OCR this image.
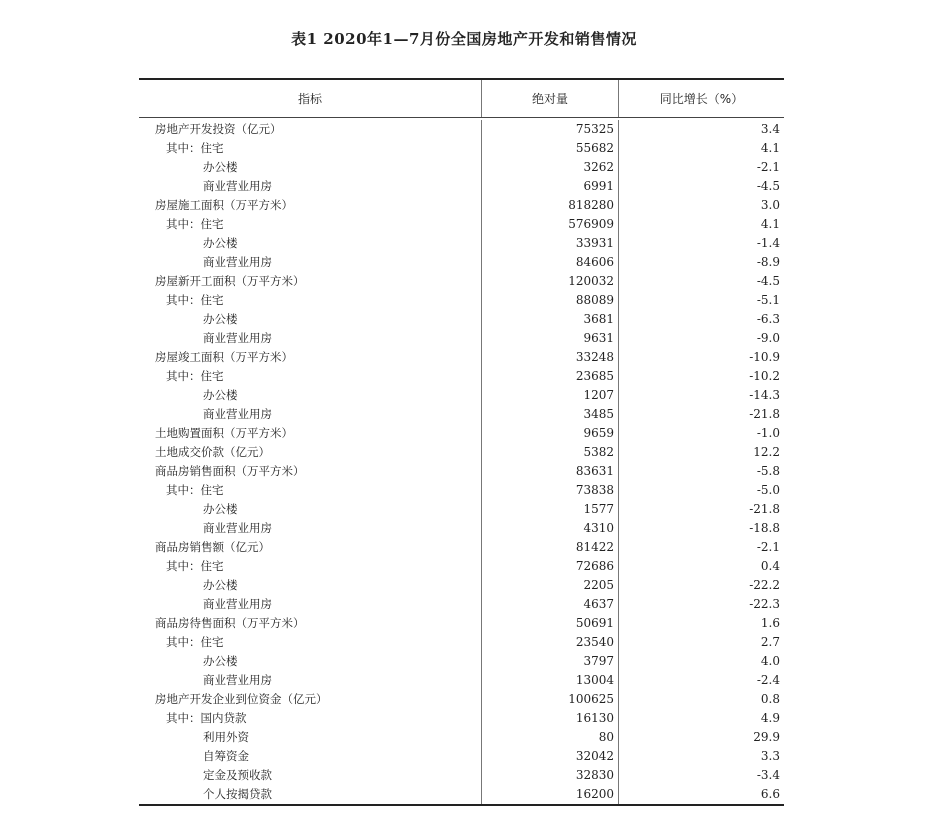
表1 2020年1—7月份全国房地产开发和销售情况
指标	绝对量	同比增长（%）
房地产开发投资（亿元）	75325	3.4
其中：住宅	55682	4.1
办公楼	3262	-2.1
商业营业用房	6991	-4.5
房屋施工面积（万平方米）	818280	3.0
其中：住宅	576909	4.1
办公楼	33931	-1.4
商业营业用房	84606	-8.9
房屋新开工面积（万平方米）	120032	-4.5
其中：住宅	88089	-5.1
办公楼	3681	-6.3
商业营业用房	9631	-9.0
房屋竣工面积（万平方米）	33248	-10.9
其中：住宅	23685	-10.2
办公楼	1207	-14.3
商业营业用房	3485	-21.8
土地购置面积（万平方米）	9659	-1.0
土地成交价款（亿元）	5382	12.2
商品房销售面积（万平方米）	83631	-5.8
其中：住宅	73838	-5.0
办公楼	1577	-21.8
商业营业用房	4310	-18.8
商品房销售额（亿元）	81422	-2.1
其中：住宅	72686	0.4
办公楼	2205	-22.2
商业营业用房	4637	-22.3
商品房待售面积（万平方米）	50691	1.6
其中：住宅	23540	2.7
办公楼	3797	4.0
商业营业用房	13004	-2.4
房地产开发企业到位资金（亿元）	100625	0.8
其中：国内贷款	16130	4.9
利用外资	80	29.9
自筹资金	32042	3.3
定金及预收款	32830	-3.4
个人按揭贷款	16200	6.6
